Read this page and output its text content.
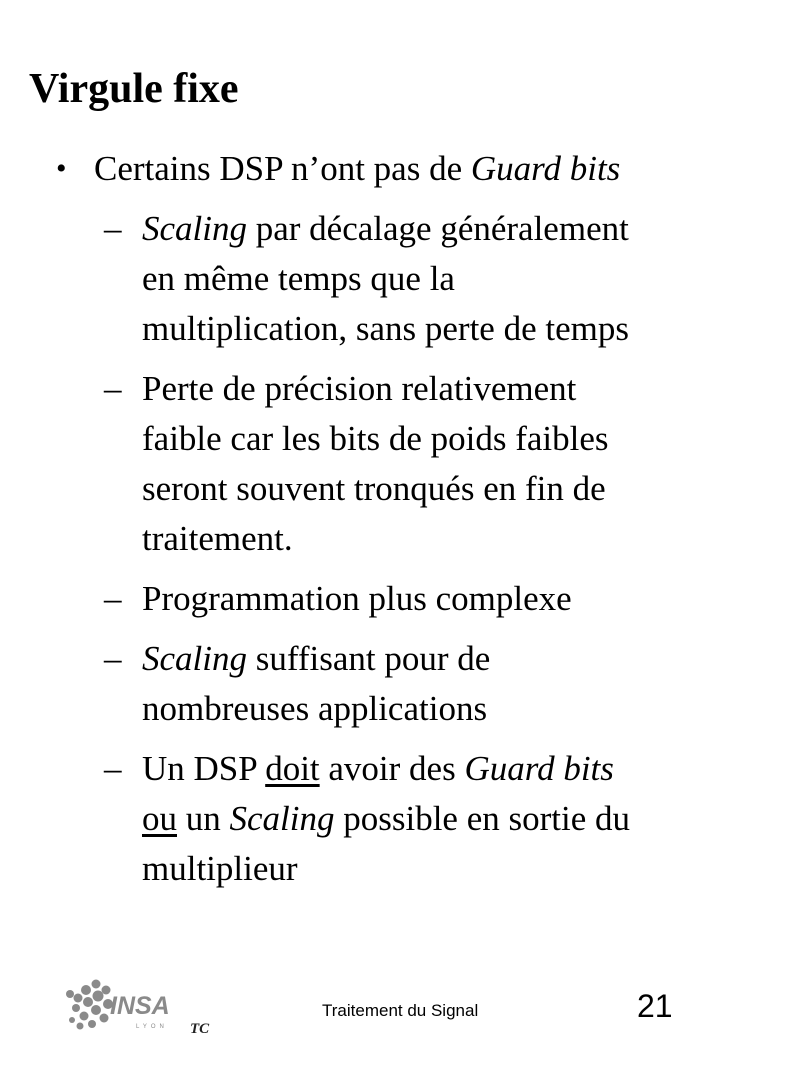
Virgule fixe
• Certains DSP n’ont pas de Guard bits
– Scaling par décalage généralement
en même temps que la
multiplication, sans perte de temps
– Perte de précision relativement
faible car les bits de poids faibles
seront souvent tronqués en fin de
traitement.
– Programmation plus complexe
– Scaling suffisant pour de
nombreuses applications
– Un DSP doit avoir des Guard bits
ou un Scaling possible en sortie du
multiplieur
INSA
LYON TC
Traitement du Signal	21
